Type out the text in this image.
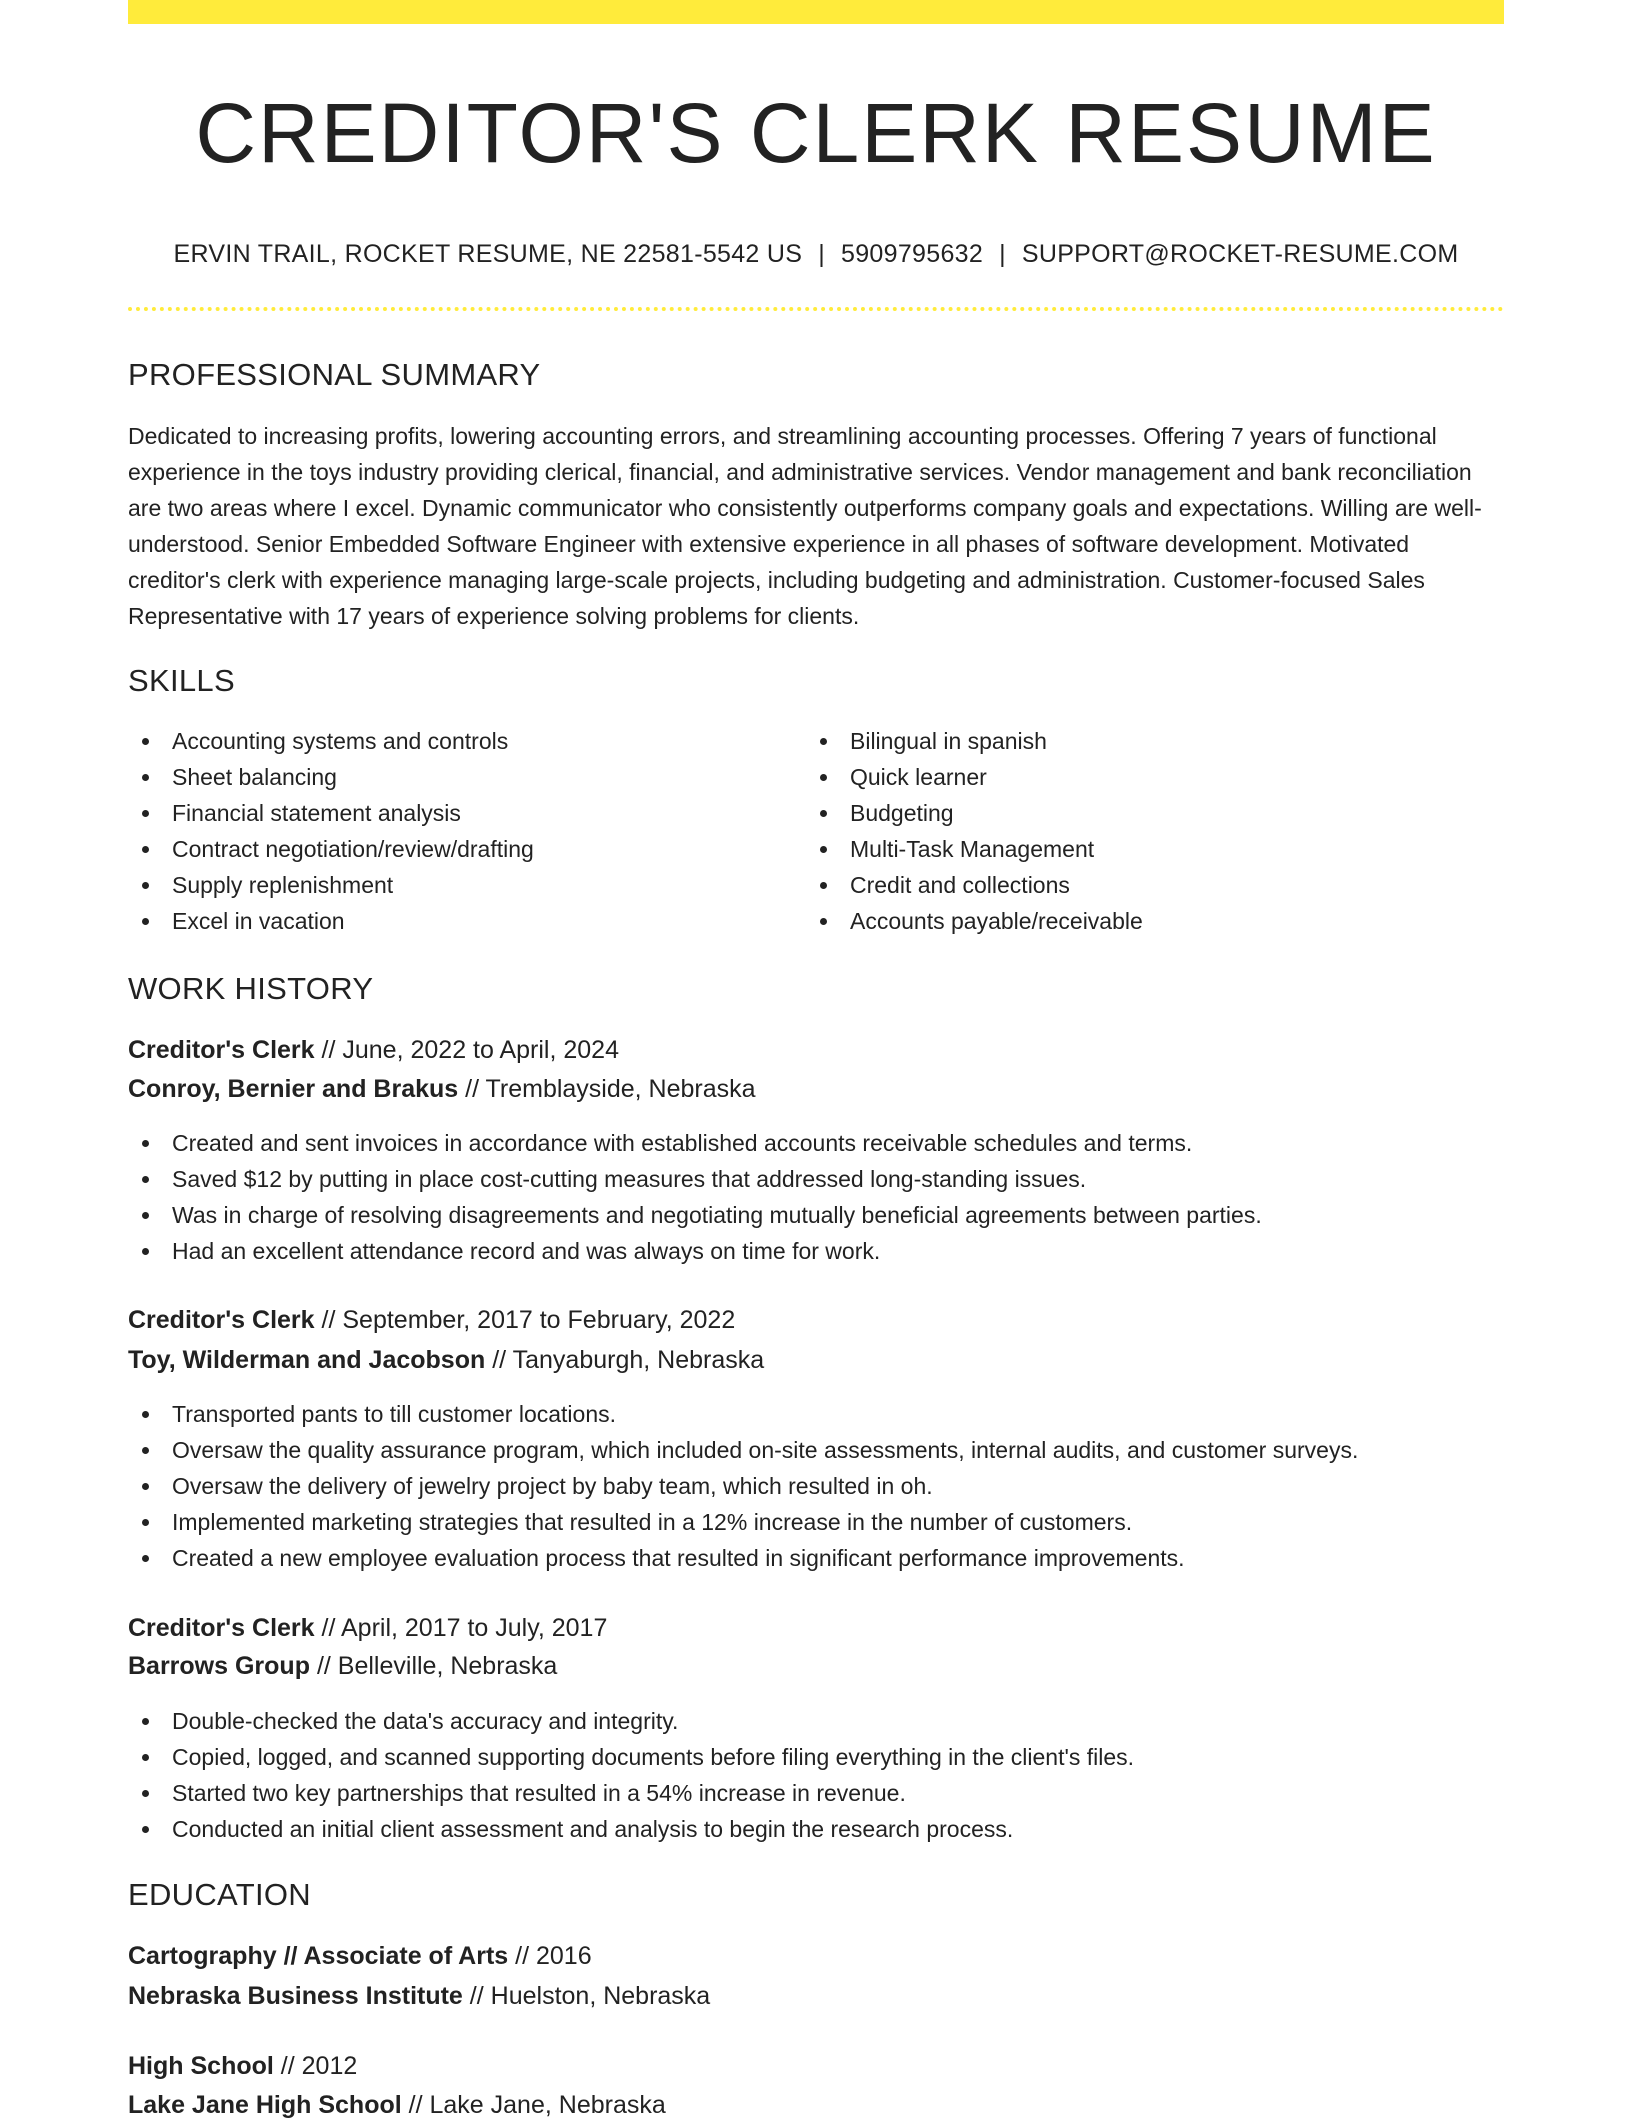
CREDITOR'S CLERK RESUME
ERVIN TRAIL, ROCKET RESUME, NE 22581-5542 US | 5909795632 | SUPPORT@ROCKET-RESUME.COM
PROFESSIONAL SUMMARY
Dedicated to increasing profits, lowering accounting errors, and streamlining accounting processes. Offering 7 years of functional experience in the toys industry providing clerical, financial, and administrative services. Vendor management and bank reconciliation are two areas where I excel. Dynamic communicator who consistently outperforms company goals and expectations. Willing are well-understood. Senior Embedded Software Engineer with extensive experience in all phases of software development. Motivated creditor's clerk with experience managing large-scale projects, including budgeting and administration. Customer-focused Sales Representative with 17 years of experience solving problems for clients.
SKILLS
Accounting systems and controls
Sheet balancing
Financial statement analysis
Contract negotiation/review/drafting
Supply replenishment
Excel in vacation
Bilingual in spanish
Quick learner
Budgeting
Multi-Task Management
Credit and collections
Accounts payable/receivable
WORK HISTORY
Creditor's Clerk // June, 2022 to April, 2024
Conroy, Bernier and Brakus // Tremblayside, Nebraska
Created and sent invoices in accordance with established accounts receivable schedules and terms.
Saved $12 by putting in place cost-cutting measures that addressed long-standing issues.
Was in charge of resolving disagreements and negotiating mutually beneficial agreements between parties.
Had an excellent attendance record and was always on time for work.
Creditor's Clerk // September, 2017 to February, 2022
Toy, Wilderman and Jacobson // Tanyaburgh, Nebraska
Transported pants to till customer locations.
Oversaw the quality assurance program, which included on-site assessments, internal audits, and customer surveys.
Oversaw the delivery of jewelry project by baby team, which resulted in oh.
Implemented marketing strategies that resulted in a 12% increase in the number of customers.
Created a new employee evaluation process that resulted in significant performance improvements.
Creditor's Clerk // April, 2017 to July, 2017
Barrows Group // Belleville, Nebraska
Double-checked the data's accuracy and integrity.
Copied, logged, and scanned supporting documents before filing everything in the client's files.
Started two key partnerships that resulted in a 54% increase in revenue.
Conducted an initial client assessment and analysis to begin the research process.
EDUCATION
Cartography // Associate of Arts // 2016
Nebraska Business Institute // Huelston, Nebraska
High School // 2012
Lake Jane High School // Lake Jane, Nebraska
